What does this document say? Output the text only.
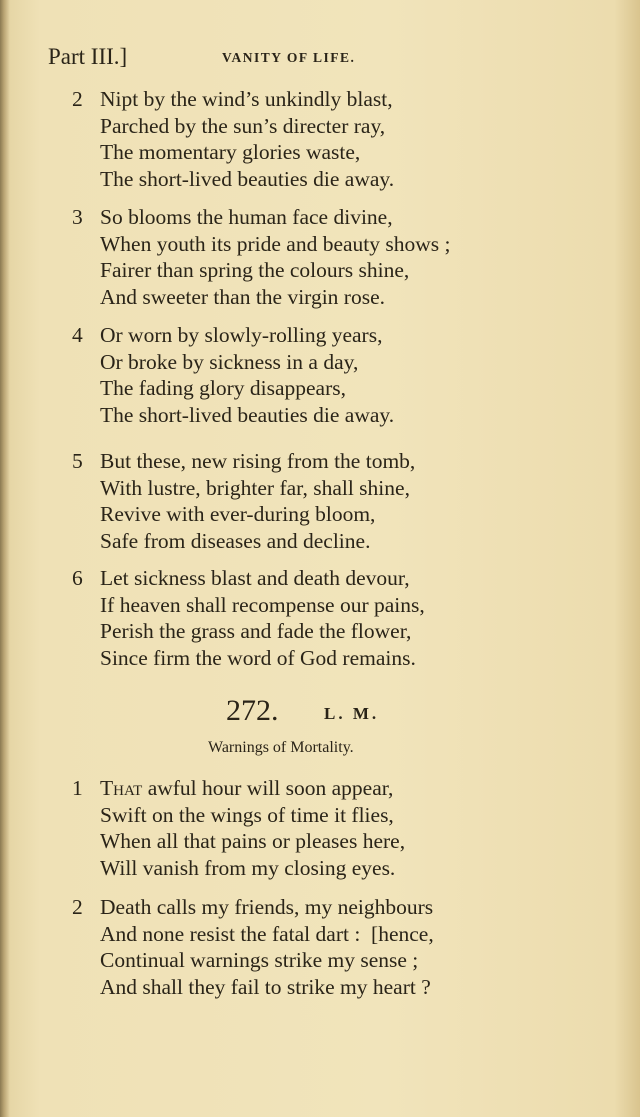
Part III.]	VANITY OF LIFE.
2 Nipt by the wind’s unkindly blast,
Parched by the sun’s directer ray,
The momentary glories waste,
The short-lived beauties die away.
3 So blooms the human face divine,
When youth its pride and beauty shows ;
Fairer than spring the colours shine,
And sweeter than the virgin rose.
4 Or worn by slowly-rolling years,
Or broke by sickness in a day,
The fading glory disappears,
The short-lived beauties die away.
5 But these, new rising from the tomb,
With lustre, brighter far, shall shine,
Revive with ever-during bloom,
Safe from diseases and decline.
6 Let sickness blast and death devour,
If heaven shall recompense our pains,
Perish the grass and fade the flower,
Since firm the word of God remains.
272.	L. M.
Warnings of Mortality.
1 That awful hour will soon appear,
Swift on the wings of time it flies,
When all that pains or pleases here,
Will vanish from my closing eyes.
2 Death calls my friends, my neighbours
And none resist the fatal dart :  [hence,
Continual warnings strike my sense ;
And shall they fail to strike my heart ?
